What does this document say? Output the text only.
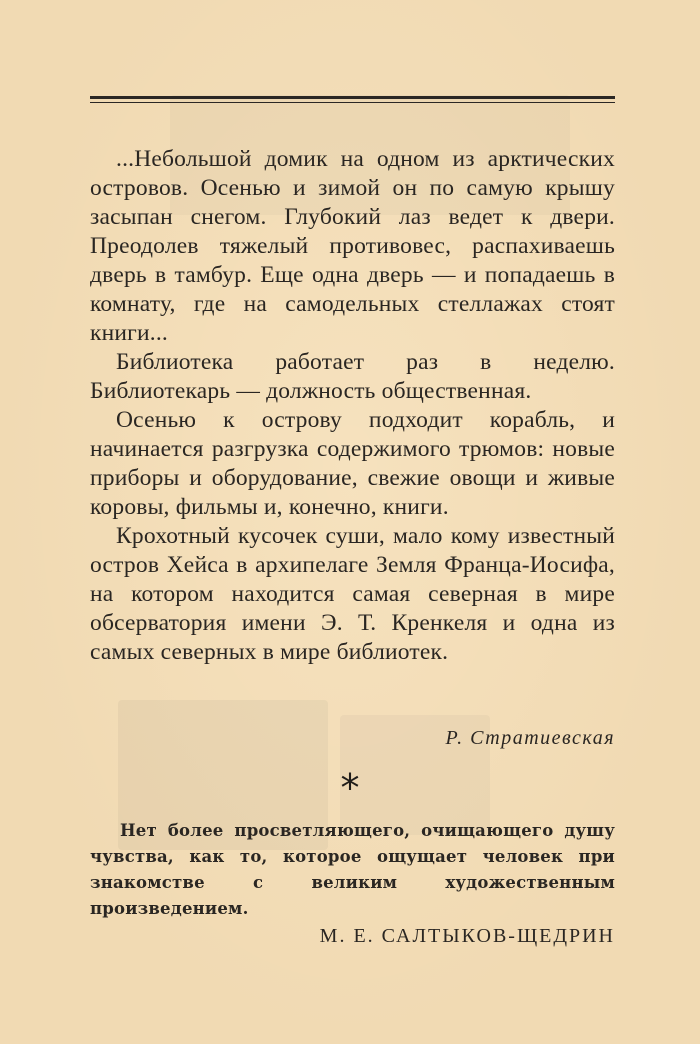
...Небольшой домик на одном из арктических островов. Осенью и зимой он по самую крышу засыпан снегом. Глубокий лаз ведет к двери. Преодолев тяжелый противовес, распахиваешь дверь в тамбур. Еще одна дверь — и попадаешь в комнату, где на самодельных стеллажах стоят книги...

Библиотека работает раз в неделю. Библиотекарь — должность общественная.

Осенью к острову подходит корабль, и начинается разгрузка содержимого трюмов: новые приборы и оборудование, свежие овощи и живые коровы, фильмы и, конечно, книги.

Крохотный кусочек суши, мало кому известный остров Хейса в архипелаге Земля Франца-Иосифа, на котором находится самая северная в мире обсерватория имени Э. Т. Кренкеля и одна из самых северных в мире библиотек.

Р. Стратиевская
*

Нет более просветляющего, очищающего душу чувства, как то, которое ощущает человек при знакомстве с великим художественным произведением.

М. Е. САЛТЫКОВ-ЩЕДРИН
